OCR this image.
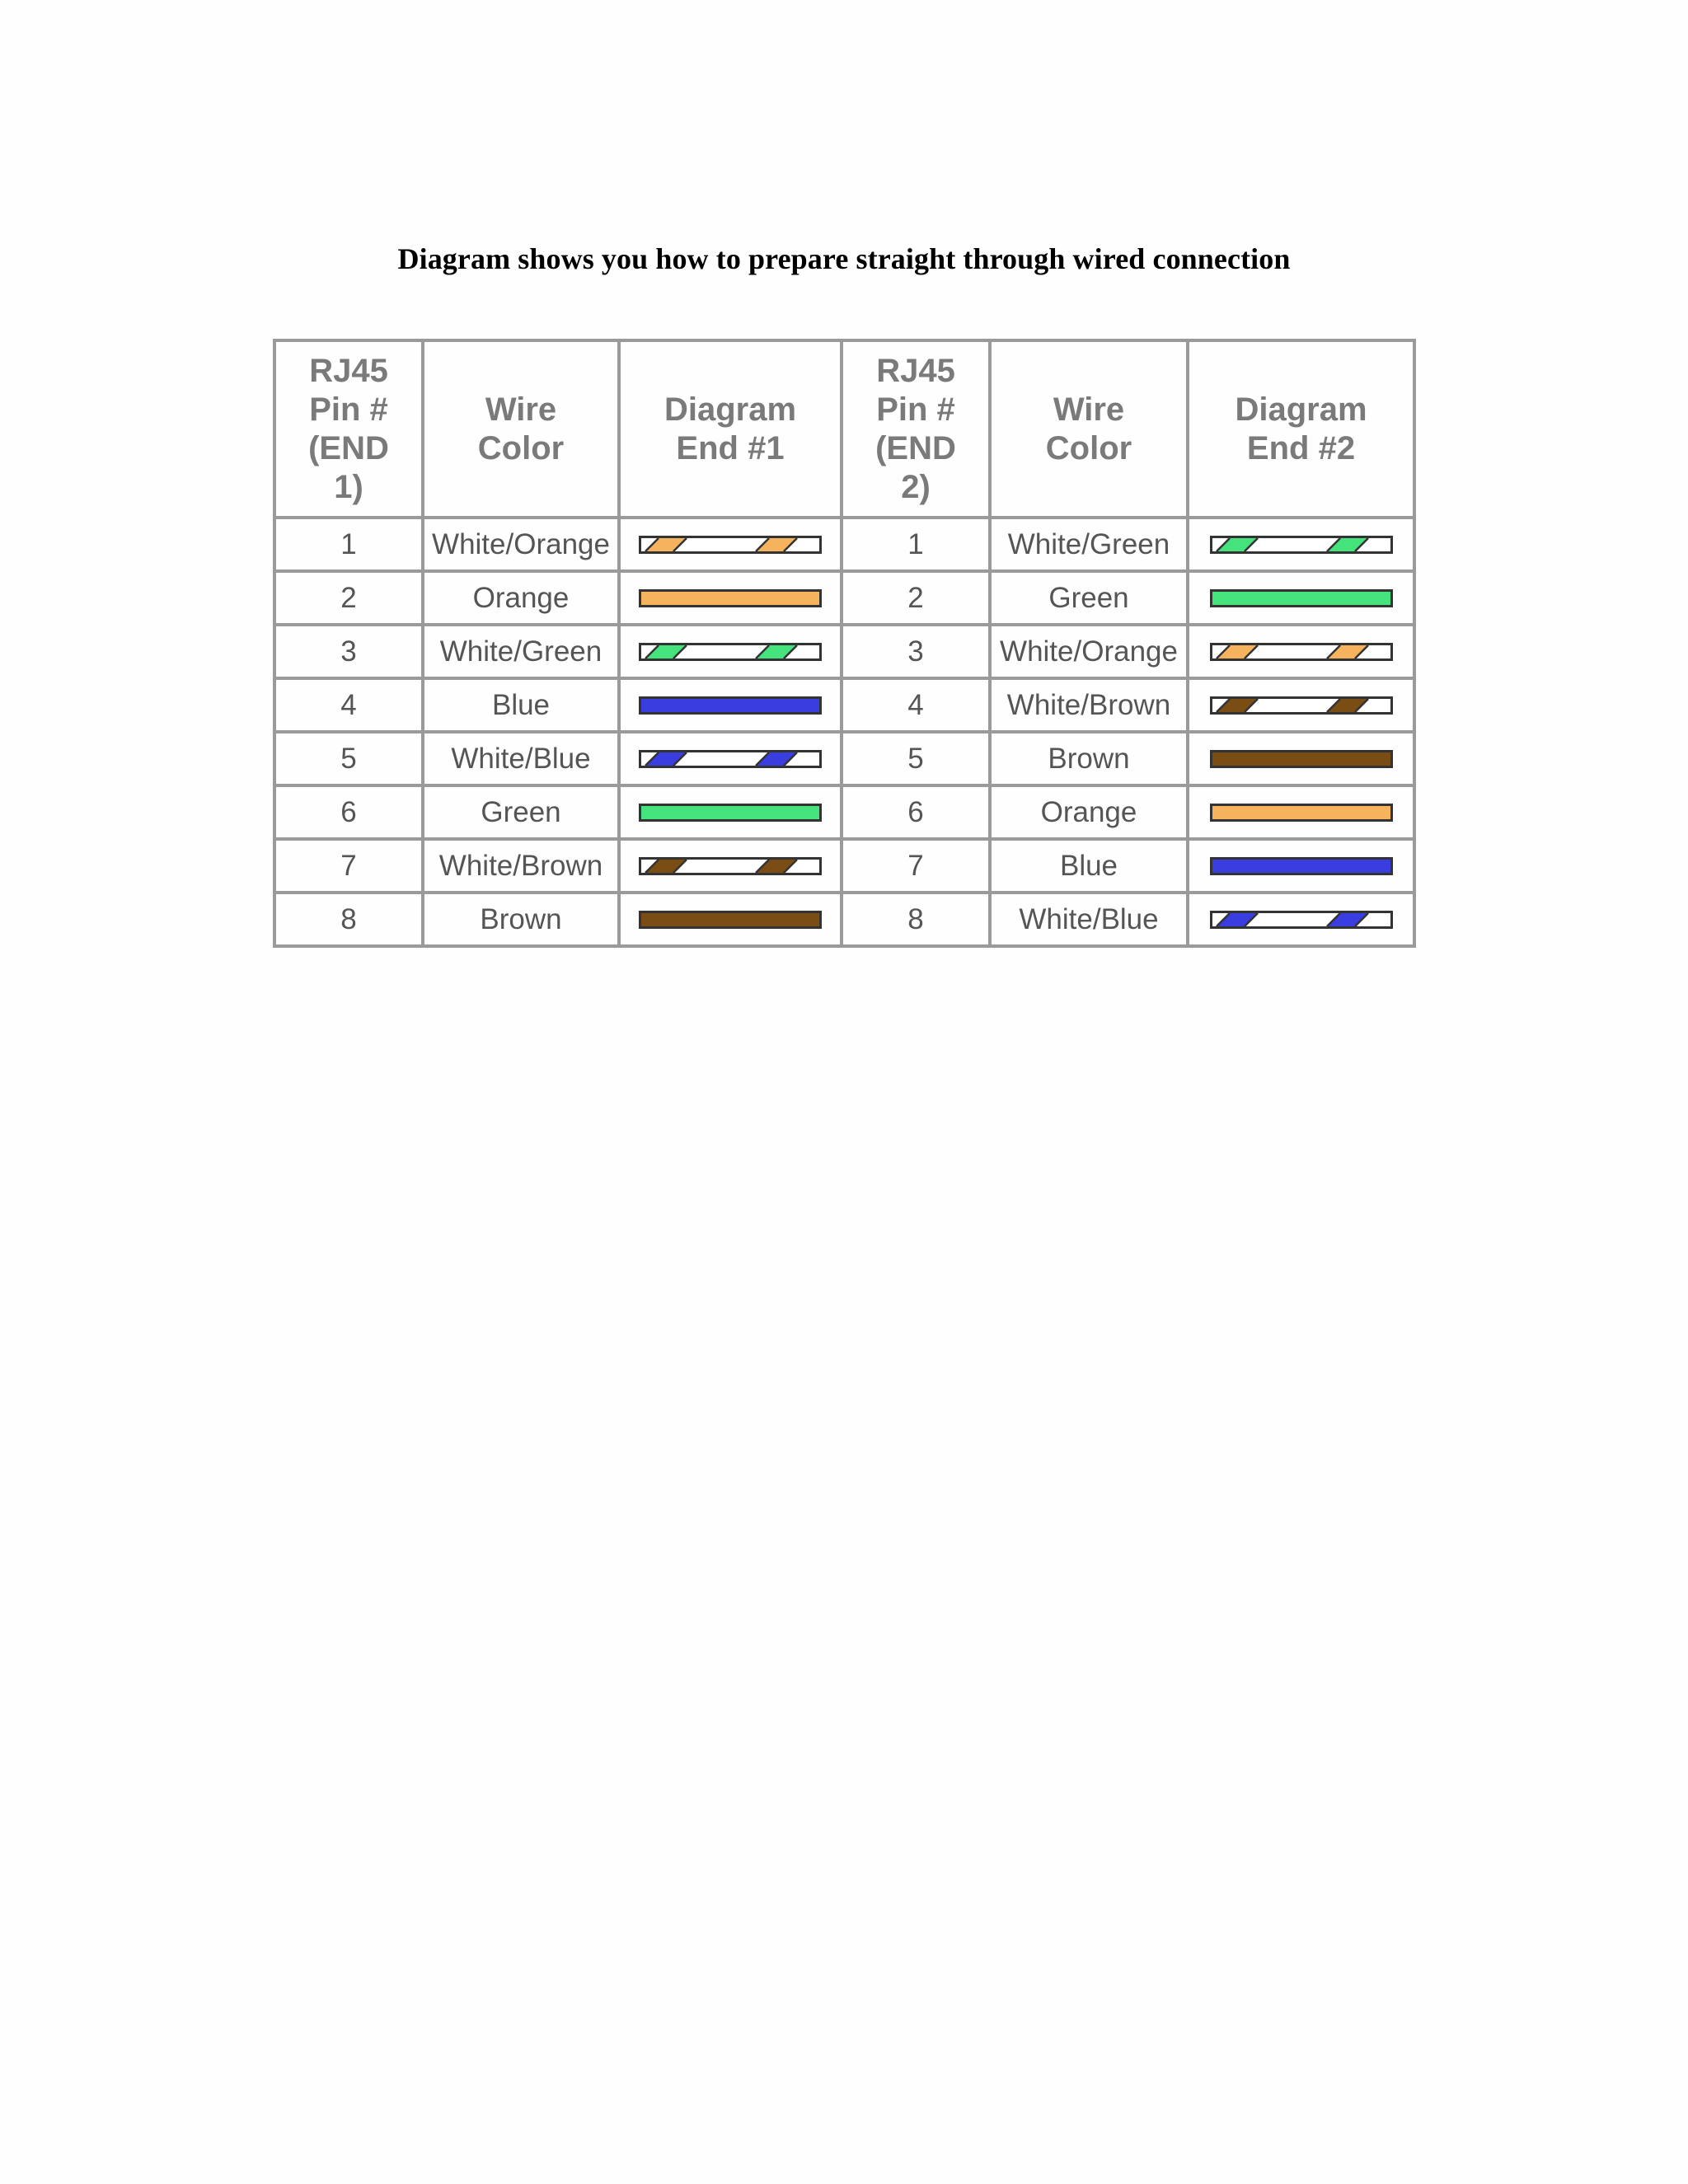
Diagram shows you how to prepare straight through wired connection
RJ45
Pin #
(END
1)	Wire
Color	Diagram
End #1	RJ45
Pin #
(END
2)	Wire
Color	Diagram
End #2

1	White/Orange		1	White/Green	

2	Orange		2	Green	

3	White/Green		3	White/Orange	

4	Blue		4	White/Brown	

5	White/Blue		5	Brown	

6	Green		6	Orange	

7	White/Brown		7	Blue	

8	Brown		8	White/Blue	
